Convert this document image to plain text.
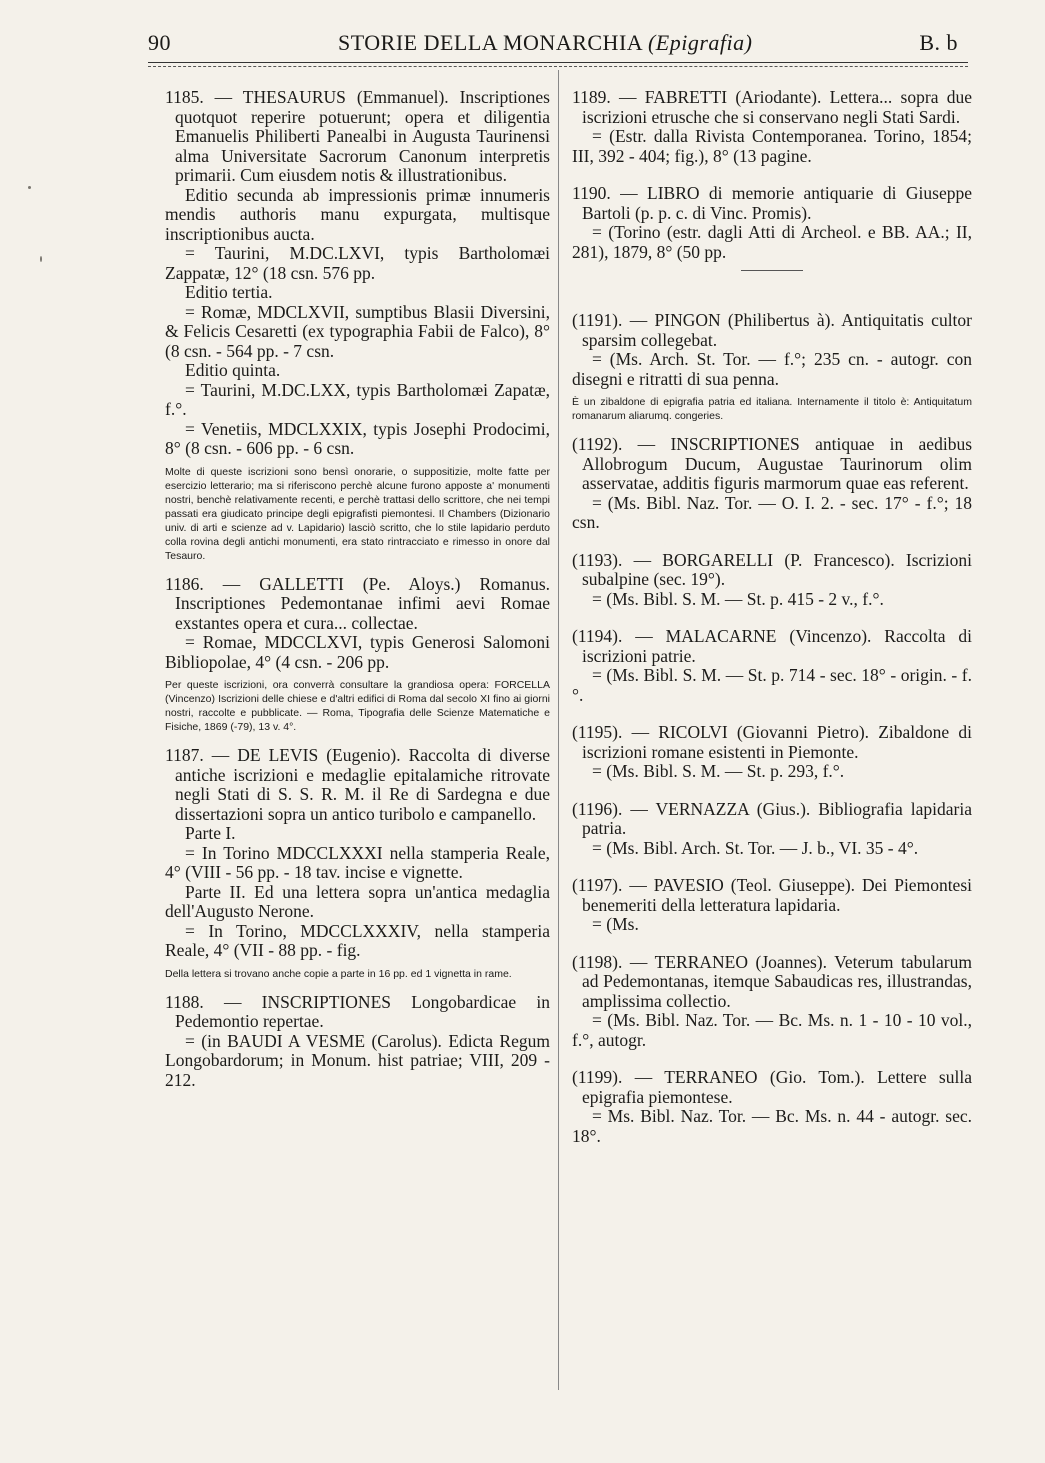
90	STORIE DELLA MONARCHIA (Epigrafia)	B. b

1185. — THESAURUS (Emmanuel). Inscriptiones quotquot reperire potuerunt; opera et diligentia Emanuelis Philiberti Panealbi in Augusta Taurinensi alma Universitate Sacrorum Canonum interpretis primarii. Cum eiusdem notis & illustrationibus.

Editio secunda ab impressionis primæ innumeris mendis authoris manu expurgata, multisque inscriptionibus aucta.

= Taurini, M.DC.LXVI, typis Bartholomæi Zappatæ, 12° (18 csn. 576 pp.

Editio tertia.

= Romæ, MDCLXVII, sumptibus Blasii Diversini, & Felicis Cesaretti (ex typographia Fabii de Falco), 8° (8 csn. - 564 pp. - 7 csn.

Editio quinta.

= Taurini, M.DC.LXX, typis Bartholomæi Zapatæ, f.°.

= Venetiis, MDCLXXIX, typis Josephi Prodocimi, 8° (8 csn. - 606 pp. - 6 csn.

Molte di queste iscrizioni sono bensì onorarie, o suppositizie, molte fatte per esercizio letterario; ma si riferiscono perchè alcune furono apposte a' monumenti nostri, benchè relativamente recenti, e perchè trattasi dello scrittore, che nei tempi passati era giudicato principe degli epigrafisti piemontesi. Il Chambers (Dizionario univ. di arti e scienze ad v. Lapidario) lasciò scritto, che lo stile lapidario perduto colla rovina degli antichi monumenti, era stato rintracciato e rimesso in onore dal Tesauro.

1186. — GALLETTI (Pe. Aloys.) Romanus. Inscriptiones Pedemontanae infimi aevi Romae exstantes opera et cura... collectae.

= Romae, MDCCLXVI, typis Generosi Salomoni Bibliopolae, 4° (4 csn. - 206 pp.

Per queste iscrizioni, ora converrà consultare la grandiosa opera: FORCELLA (Vincenzo) Iscrizioni delle chiese e d'altri edifici di Roma dal secolo XI fino ai giorni nostri, raccolte e pubblicate. — Roma, Tipografia delle Scienze Matematiche e Fisiche, 1869 (-79), 13 v. 4°.

1187. — DE LEVIS (Eugenio). Raccolta di diverse antiche iscrizioni e medaglie epitalamiche ritrovate negli Stati di S. S. R. M. il Re di Sardegna e due dissertazioni sopra un antico turibolo e campanello.

Parte I.

= In Torino MDCCLXXXI nella stamperia Reale, 4° (VIII - 56 pp. - 18 tav. incise e vignette.

Parte II. Ed una lettera sopra un'antica medaglia dell'Augusto Nerone.

= In Torino, MDCCLXXXIV, nella stamperia Reale, 4° (VII - 88 pp. - fig.

Della lettera si trovano anche copie a parte in 16 pp. ed 1 vignetta in rame.

1188. — INSCRIPTIONES Longobardicae in Pedemontio repertae.

= (in BAUDI A VESME (Carolus). Edicta Regum Longobardorum; in Monum. hist patriae; VIII, 209 - 212.

1189. — FABRETTI (Ariodante). Lettera... sopra due iscrizioni etrusche che si conservano negli Stati Sardi.

= (Estr. dalla Rivista Contemporanea. Torino, 1854; III, 392 - 404; fig.), 8° (13 pagine.

1190. — LIBRO di memorie antiquarie di Giuseppe Bartoli (p. p. c. di Vinc. Promis).

= (Torino (estr. dagli Atti di Archeol. e BB. AA.; II, 281), 1879, 8° (50 pp.

(1191). — PINGON (Philibertus à). Antiquitatis cultor sparsim collegebat.

= (Ms. Arch. St. Tor. — f.°; 235 cn. - autogr. con disegni e ritratti di sua penna.

È un zibaldone di epigrafia patria ed italiana. Internamente il titolo è: Antiquitatum romanarum aliarumq. congeries.

(1192). — INSCRIPTIONES antiquae in aedibus Allobrogum Ducum, Augustae Taurinorum olim asservatae, additis figuris marmorum quae eas referent.

= (Ms. Bibl. Naz. Tor. — O. I. 2. - sec. 17° - f.°; 18 csn.

(1193). — BORGARELLI (P. Francesco). Iscrizioni subalpine (sec. 19°).

= (Ms. Bibl. S. M. — St. p. 415 - 2 v., f.°.

(1194). — MALACARNE (Vincenzo). Raccolta di iscrizioni patrie.

= (Ms. Bibl. S. M. — St. p. 714 - sec. 18° - origin. - f.°.

(1195). — RICOLVI (Giovanni Pietro). Zibaldone di iscrizioni romane esistenti in Piemonte.

= (Ms. Bibl. S. M. — St. p. 293, f.°.

(1196). — VERNAZZA (Gius.). Bibliografia lapidaria patria.

= (Ms. Bibl. Arch. St. Tor. — J. b., VI. 35 - 4°.

(1197). — PAVESIO (Teol. Giuseppe). Dei Piemontesi benemeriti della letteratura lapidaria.

= (Ms.

(1198). — TERRANEO (Joannes). Veterum tabularum ad Pedemontanas, itemque Sabaudicas res, illustrandas, amplissima collectio.

= (Ms. Bibl. Naz. Tor. — Bc. Ms. n. 1 - 10 - 10 vol., f.°, autogr.

(1199). — TERRANEO (Gio. Tom.). Lettere sulla epigrafia piemontese.

= Ms. Bibl. Naz. Tor. — Bc. Ms. n. 44 - autogr. sec. 18°.
